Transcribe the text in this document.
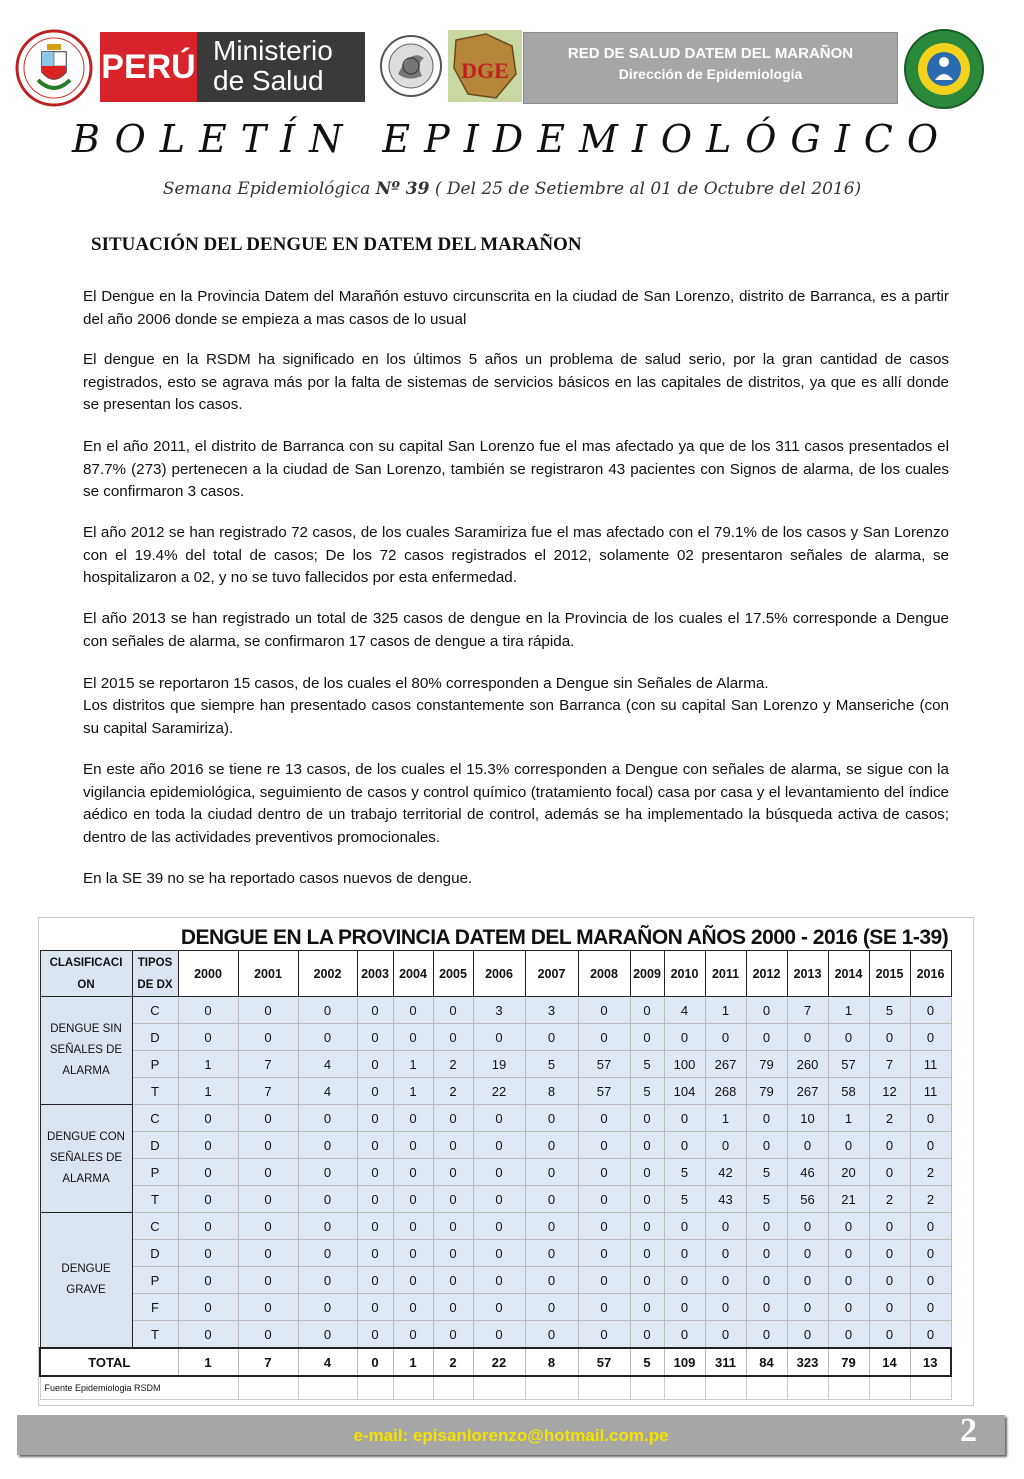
PERÚ Ministerio
de Salud	DGE
RED DE SALUD DATEM DEL MARAÑON
Dirección de Epidemiología
BOLETÍN EPIDEMIOLÓGICO
Semana Epidemiológica Nº 39 ( Del 25 de Setiembre al 01 de Octubre del 2016)
SITUACIÓN DEL DENGUE EN DATEM DEL MARAÑON

El Dengue en la Provincia Datem del Marañón estuvo circunscrita en la ciudad de San Lorenzo, distrito de Barranca, es a partir del año 2006 donde se empieza a mas casos de lo usual

El dengue en la RSDM ha significado en los últimos 5 años un problema de salud serio, por la gran cantidad de casos registrados, esto se agrava más por la falta de sistemas de servicios básicos en las capitales de distritos, ya que es allí donde se presentan los casos.

En el año 2011, el distrito de Barranca con su capital San Lorenzo fue el mas afectado ya que de los 311 casos presentados el 87.7% (273) pertenecen a la ciudad de San Lorenzo, también se registraron 43 pacientes con Signos de alarma, de los cuales se confirmaron 3 casos.

El año 2012 se han registrado 72 casos, de los cuales Saramiriza fue el mas afectado con el 79.1% de los casos y San Lorenzo con el 19.4% del total de casos; De los 72 casos registrados el 2012, solamente 02 presentaron señales de alarma, se hospitalizaron a 02, y no se tuvo fallecidos por esta enfermedad.

El año 2013 se han registrado un total de 325 casos de dengue en la Provincia de los cuales el 17.5% corresponde a Dengue con señales de alarma, se confirmaron 17 casos de dengue a tira rápida.

El 2015 se reportaron 15 casos, de los cuales el 80% corresponden a Dengue sin Señales de Alarma.

Los distritos que siempre han presentado casos constantemente son Barranca (con su capital San Lorenzo y Manseriche (con su capital Saramiriza).

En este año 2016 se tiene re 13 casos, de los cuales el 15.3% corresponden a Dengue con señales de alarma, se sigue con la vigilancia epidemiológica, seguimiento de casos y control químico (tratamiento focal) casa por casa y el levantamiento del índice aédico en toda la ciudad dentro de un trabajo territorial de control, además se ha implementado la búsqueda activa de casos; dentro de las actividades preventivos promocionales.

En la SE 39 no se ha reportado casos nuevos de dengue.

		DENGUE EN LA PROVINCIA DATEM DEL MARAÑON AÑOS 2000 - 2016 (SE 1-39)																
CLASIFICACI ON	TIPOS DE DX	2000	2001	2002	2003	2004	2005	2006	2007	2008	2009	2010	2011	2012	2013	2014	2015	2016
DENGUE SIN SEÑALES DE ALARMA	C	0	0	0	0	0	0	3	3	0	0	4	1	0	7	1	5	0
	D	0	0	0	0	0	0	0	0	0	0	0	0	0	0	0	0	0
	P	1	7	4	0	1	2	19	5	57	5	100	267	79	260	57	7	11
	T	1	7	4	0	1	2	22	8	57	5	104	268	79	267	58	12	11
DENGUE CON SEÑALES DE ALARMA	C	0	0	0	0	0	0	0	0	0	0	0	1	0	10	1	2	0
	D	0	0	0	0	0	0	0	0	0	0	0	0	0	0	0	0	0
	P	0	0	0	0	0	0	0	0	0	0	5	42	5	46	20	0	2
	T	0	0	0	0	0	0	0	0	0	0	5	43	5	56	21	2	2
DENGUE GRAVE	C	0	0	0	0	0	0	0	0	0	0	0	0	0	0	0	0	0
	D	0	0	0	0	0	0	0	0	0	0	0	0	0	0	0	0	0
	P	0	0	0	0	0	0	0	0	0	0	0	0	0	0	0	0	0
	F	0	0	0	0	0	0	0	0	0	0	0	0	0	0	0	0	0
	T	0	0	0	0	0	0	0	0	0	0	0	0	0	0	0	0	0
TOTAL		1	7	4	0	1	2	22	8	57	5	109	311	84	323	79	14	13
Fuente Epidemiologia RSDM																		
e-mail: episanlorenzo@hotmail.com.pe	2
